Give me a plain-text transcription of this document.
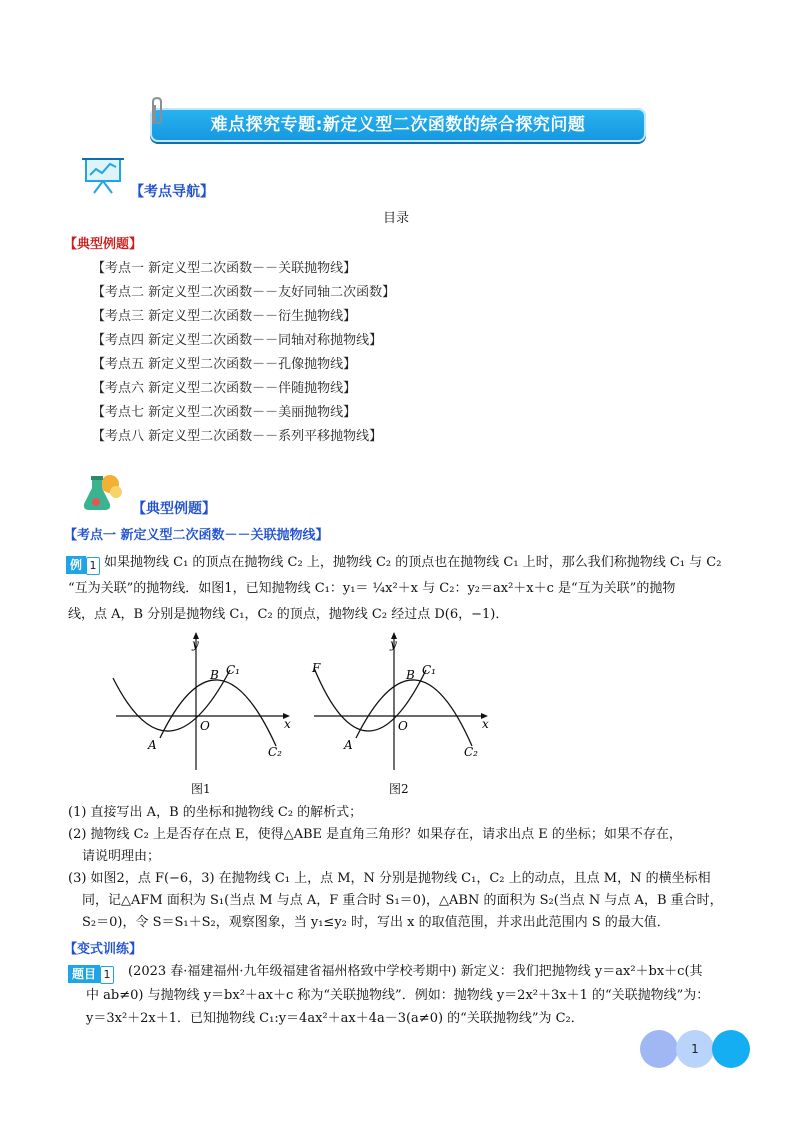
难点探究专题:新定义型二次函数的综合探究问题
【考点导航】
目录
【典型例题】
【考点一 新定义型二次函数－－关联抛物线】
【考点二 新定义型二次函数－－友好同轴二次函数】
【考点三 新定义型二次函数－－衍生抛物线】
【考点四 新定义型二次函数－－同轴对称抛物线】
【考点五 新定义型二次函数－－孔像抛物线】
【考点六 新定义型二次函数－－伴随抛物线】
【考点七 新定义型二次函数－－美丽抛物线】
【考点八 新定义型二次函数－－系列平移抛物线】
【典型例题】
【考点一 新定义型二次函数－－关联抛物线】
例 1 如果抛物线 C₁ 的顶点在抛物线 C₂ 上，抛物线 C₂ 的顶点也在抛物线 C₁ 上时，那么我们称抛物线 C₁ 与 C₂
“互为关联”的抛物线．如图1，已知抛物线 C₁：y₁＝ ¼x²＋x 与 C₂：y₂＝ax²＋x＋c 是“互为关联”的抛物
线，点 A，B 分别是抛物线 C₁，C₂ 的顶点，抛物线 C₂ 经过点 D(6，−1)．
y
x
O
A
B C₁
C₂
图1
y
x
O
A
B C₁
C₂
F
图2
(1) 直接写出 A，B 的坐标和抛物线 C₂ 的解析式；
(2) 抛物线 C₂ 上是否存在点 E，使得△ABE 是直角三角形？如果存在，请求出点 E 的坐标；如果不存在，
请说明理由；
(3) 如图2，点 F(−6，3) 在抛物线 C₁ 上，点 M，N 分别是抛物线 C₁，C₂ 上的动点，且点 M，N 的横坐标相
同，记△AFM 面积为 S₁(当点 M 与点 A，F 重合时 S₁＝0)，△ABN 的面积为 S₂(当点 N 与点 A，B 重合时，
S₂＝0)，令 S＝S₁＋S₂，观察图象，当 y₁≤y₂ 时，写出 x 的取值范围，并求出此范围内 S 的最大值．
【变式训练】
题目 1 (2023 春·福建福州·九年级福建省福州格致中学校考期中) 新定义：我们把抛物线 y＝ax²＋bx＋c(其
中 ab≠0) 与抛物线 y＝bx²＋ax＋c 称为“关联抛物线”．例如：抛物线 y＝2x²＋3x＋1 的“关联抛物线”为：
y＝3x²＋2x＋1．已知抛物线 C₁:y＝4ax²＋ax＋4a－3(a≠0) 的“关联抛物线”为 C₂．
1
